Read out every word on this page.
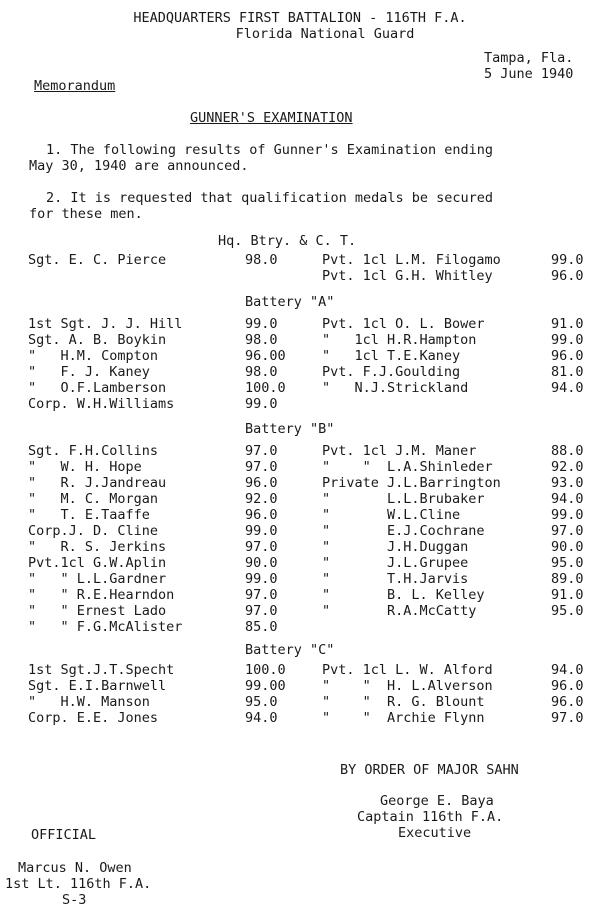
HEADQUARTERS FIRST BATTALION - 116TH F.A.
Florida National Guard
Tampa, Fla.
5 June 1940
Memorandum
GUNNER'S EXAMINATION
1. The following results of Gunner's Examination ending
May 30, 1940 are announced.
2. It is requested that qualification medals be secured
for these men.
Hq. Btry. & C. T.
Sgt. E. C. Pierce	98.0	Pvt. 1cl L.M. Filogamo	99.0
Pvt. 1cl G.H. Whitley	96.0
Battery "A"
1st Sgt. J. J. Hill	99.0	Pvt. 1cl O. L. Bower	91.0
Sgt. A. B. Boykin	98.0	"   1cl H.R.Hampton	99.0
"   H.M. Compton	96.00	"   1cl T.E.Kaney	96.0
"   F. J. Kaney	98.0	Pvt. F.J.Goulding	81.0
"   O.F.Lamberson	100.0	"   N.J.Strickland	94.0
Corp. W.H.Williams	99.0
Battery "B"
Sgt. F.H.Collins	97.0	Pvt. 1cl J.M. Maner	88.0
"   W. H. Hope	97.0	"    "  L.A.Shinleder	92.0
"   R. J.Jandreau	96.0	Private J.L.Barrington	93.0
"   M. C. Morgan	92.0	"       L.L.Brubaker	94.0
"   T. E.Taaffe	96.0	"       W.L.Cline	99.0
Corp.J. D. Cline	99.0	"       E.J.Cochrane	97.0
"   R. S. Jerkins	97.0	"       J.H.Duggan	90.0
Pvt.1cl G.W.Aplin	90.0	"       J.L.Grupee	95.0
"   " L.L.Gardner	99.0	"       T.H.Jarvis	89.0
"   " R.E.Hearndon	97.0	"       B. L. Kelley	91.0
"   " Ernest Lado	97.0	"       R.A.McCatty	95.0
"   " F.G.McAlister	85.0
Battery "C"
1st Sgt.J.T.Specht	100.0	Pvt. 1cl L. W. Alford	94.0
Sgt. E.I.Barnwell	99.00	"    "  H. L.Alverson	96.0
"   H.W. Manson	95.0	"    "  R. G. Blount	96.0
Corp. E.E. Jones	94.0	"    "  Archie Flynn	97.0
BY ORDER OF MAJOR SAHN
George E. Baya
Captain 116th F.A.
Executive
OFFICIAL
Marcus N. Owen
1st Lt. 116th F.A.
S-3
